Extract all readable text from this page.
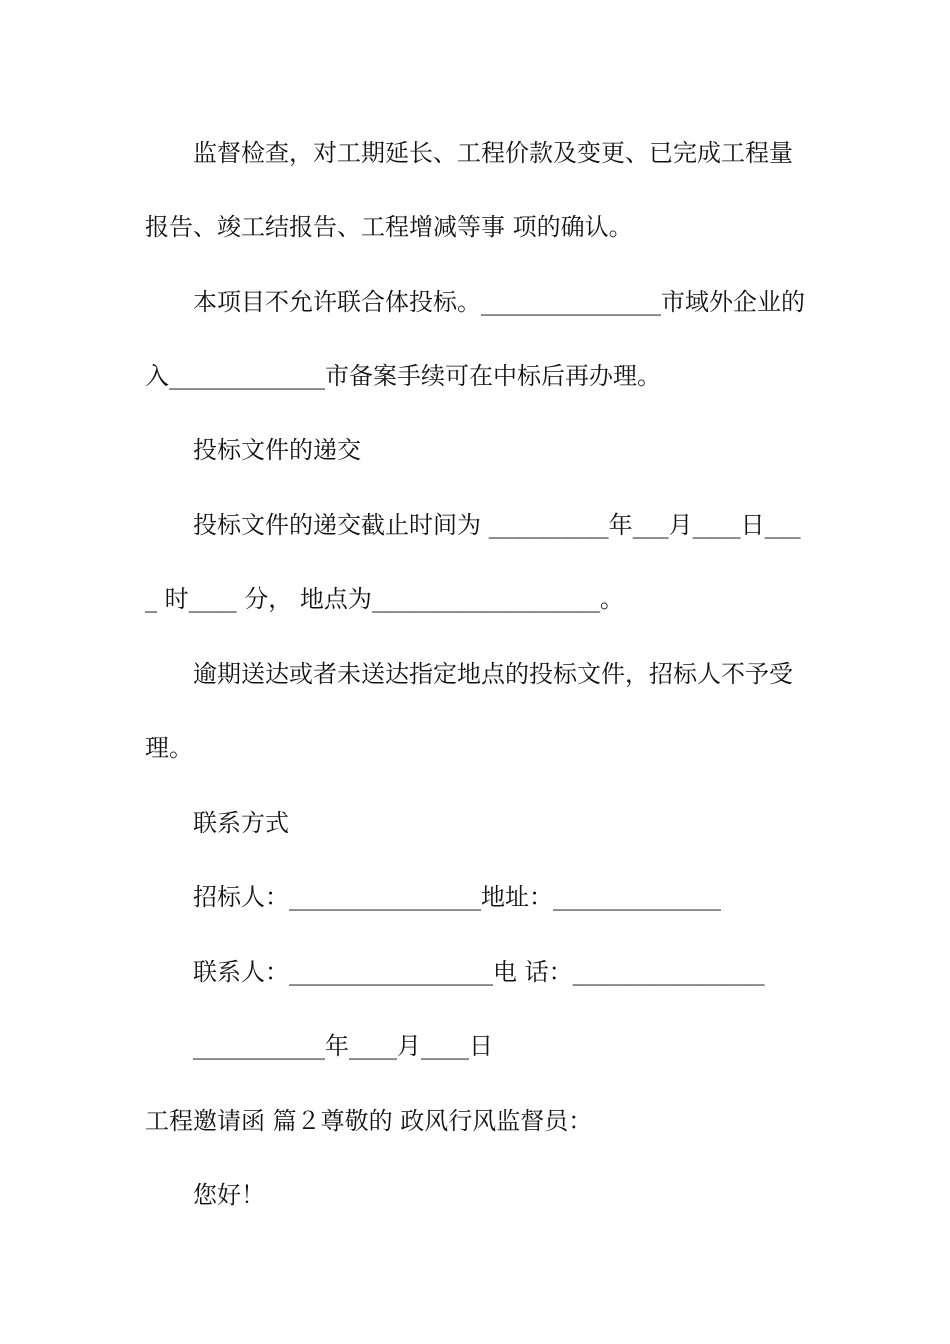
监督检查，对工期延长、工程价款及变更、已完成工程量
报告、竣工结报告、工程增减等事 项的确认。
本项目不允许联合体投标。_______________市域外企业的
入_____________市备案手续可在中标后再办理。
投标文件的递交
投标文件的递交截止时间为 __________年___月____日___
_ 时____ 分， 地点为___________________。
逾期送达或者未送达指定地点的投标文件，招标人不予受
理。
联系方式
招标人：________________地址：______________
联系人：_________________电 话：________________
___________年____月____日
工程邀请函 篇２尊敬的 政风行风监督员：
您好！
